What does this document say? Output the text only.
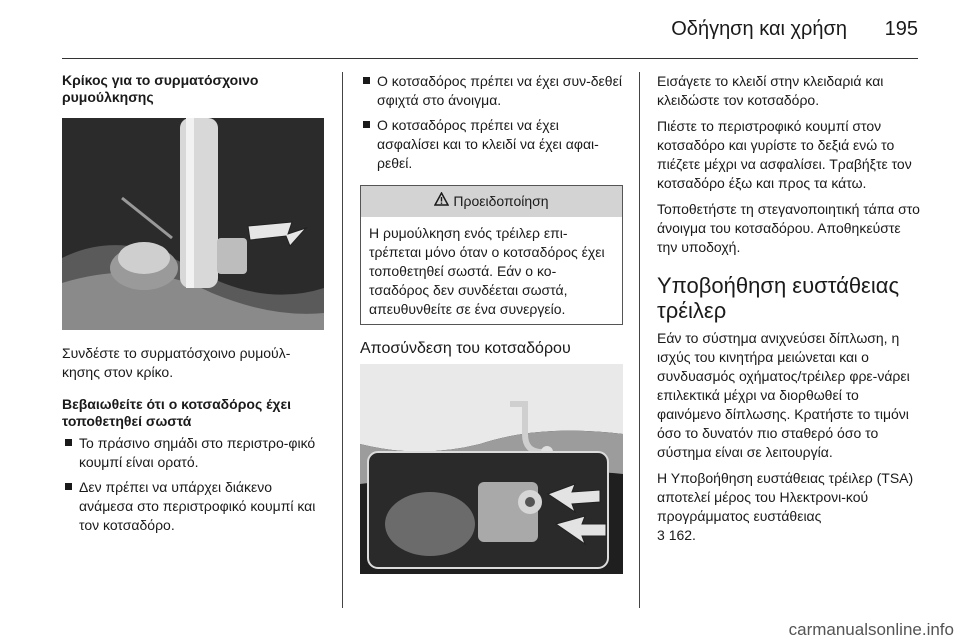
Οδήγηση και χρήση 195
Κρίκος για το συρματόσχοινο ρυμούλκησης

Συνδέστε το συρματόσχοινο ρυμούλ-κησης στον κρίκο.

Βεβαιωθείτε ότι ο κοτσαδόρος έχει τοποθετηθεί σωστά
Το πράσινο σημάδι στο περιστρο-φικό κουμπί είναι ορατό.
Δεν πρέπει να υπάρχει διάκενο ανάμεσα στο περιστροφικό κουμπί και τον κοτσαδόρο.
Ο κοτσαδόρος πρέπει να έχει συν-δεθεί σφιχτά στο άνοιγμα.
Ο κοτσαδόρος πρέπει να έχει ασφαλίσει και το κλειδί να έχει αφαι-ρεθεί.
Προειδοποίηση
Η ρυμούλκηση ενός τρέιλερ επι-τρέπεται μόνο όταν ο κοτσαδόρος έχει τοποθετηθεί σωστά. Εάν ο κο-τσαδόρος δεν συνδέεται σωστά, απευθυνθείτε σε ένα συνεργείο.
Αποσύνδεση του κοτσαδόρου

Εισάγετε το κλειδί στην κλειδαριά και κλειδώστε τον κοτσαδόρο.

Πιέστε το περιστροφικό κουμπί στον κοτσαδόρο και γυρίστε το δεξιά ενώ το πιέζετε μέχρι να ασφαλίσει. Τραβήξτε τον κοτσαδόρο έξω και προς τα κάτω.

Τοποθετήστε τη στεγανοποιητική τάπα στο άνοιγμα του κοτσαδόρου. Αποθηκεύστε την υποδοχή.

Υποβοήθηση ευστάθειας τρέιλερ

Εάν το σύστημα ανιχνεύσει δίπλωση, η ισχύς του κινητήρα μειώνεται και ο συνδυασμός οχήματος/τρέιλερ φρε-νάρει επιλεκτικά μέχρι να διορθωθεί το φαινόμενο δίπλωσης. Κρατήστε το τιμόνι όσο το δυνατόν πιο σταθερό όσο το σύστημα είναι σε λειτουργία.

Η Υποβοήθηση ευστάθειας τρέιλερ (TSA) αποτελεί μέρος του Ηλεκτρονι-κού προγράμματος ευστάθειας
3 162.

carmanualsonline.info
